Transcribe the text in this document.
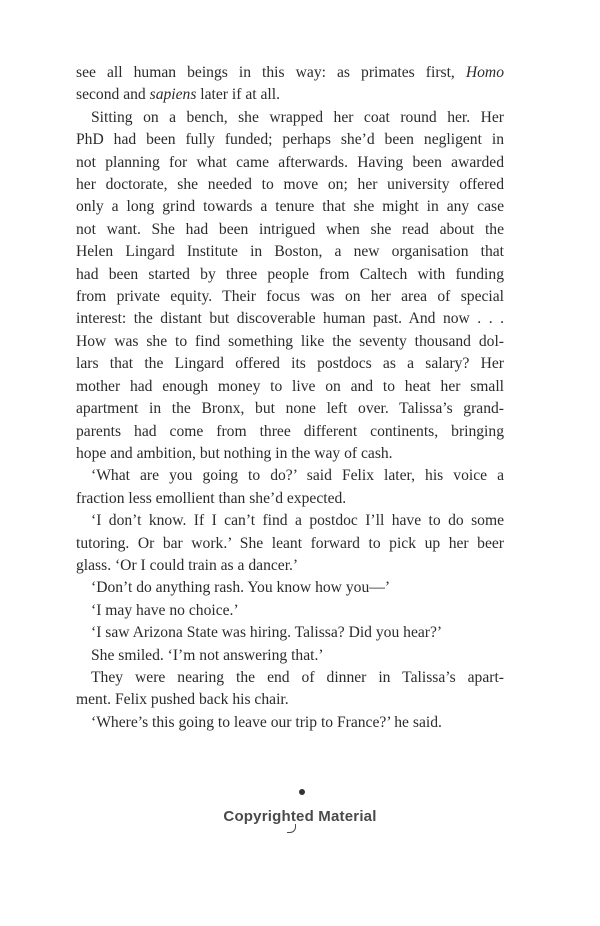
see all human beings in this way: as primates first, Homo
second and sapiens later if at all.
Sitting on a bench, she wrapped her coat round her. Her
PhD had been fully funded; perhaps she’d been negligent in
not planning for what came afterwards. Having been awarded
her doctorate, she needed to move on; her university offered
only a long grind towards a tenure that she might in any case
not want. She had been intrigued when she read about the
Helen Lingard Institute in Boston, a new organisation that
had been started by three people from Caltech with funding
from private equity. Their focus was on her area of special
interest: the distant but discoverable human past. And now . . .
How was she to find something like the seventy thousand dol-
lars that the Lingard offered its postdocs as a salary? Her
mother had enough money to live on and to heat her small
apartment in the Bronx, but none left over. Talissa’s grand-
parents had come from three different continents, bringing
hope and ambition, but nothing in the way of cash.
‘What are you going to do?’ said Felix later, his voice a
fraction less emollient than she’d expected.
‘I don’t know. If I can’t find a postdoc I’ll have to do some
tutoring. Or bar work.’ She leant forward to pick up her beer
glass. ‘Or I could train as a dancer.’
‘Don’t do anything rash. You know how you—’
‘I may have no choice.’
‘I saw Arizona State was hiring. Talissa? Did you hear?’
She smiled. ‘I’m not answering that.’
They were nearing the end of dinner in Talissa’s apart-
ment. Felix pushed back his chair.
‘Where’s this going to leave our trip to France?’ he said.
Copyrighted Material
